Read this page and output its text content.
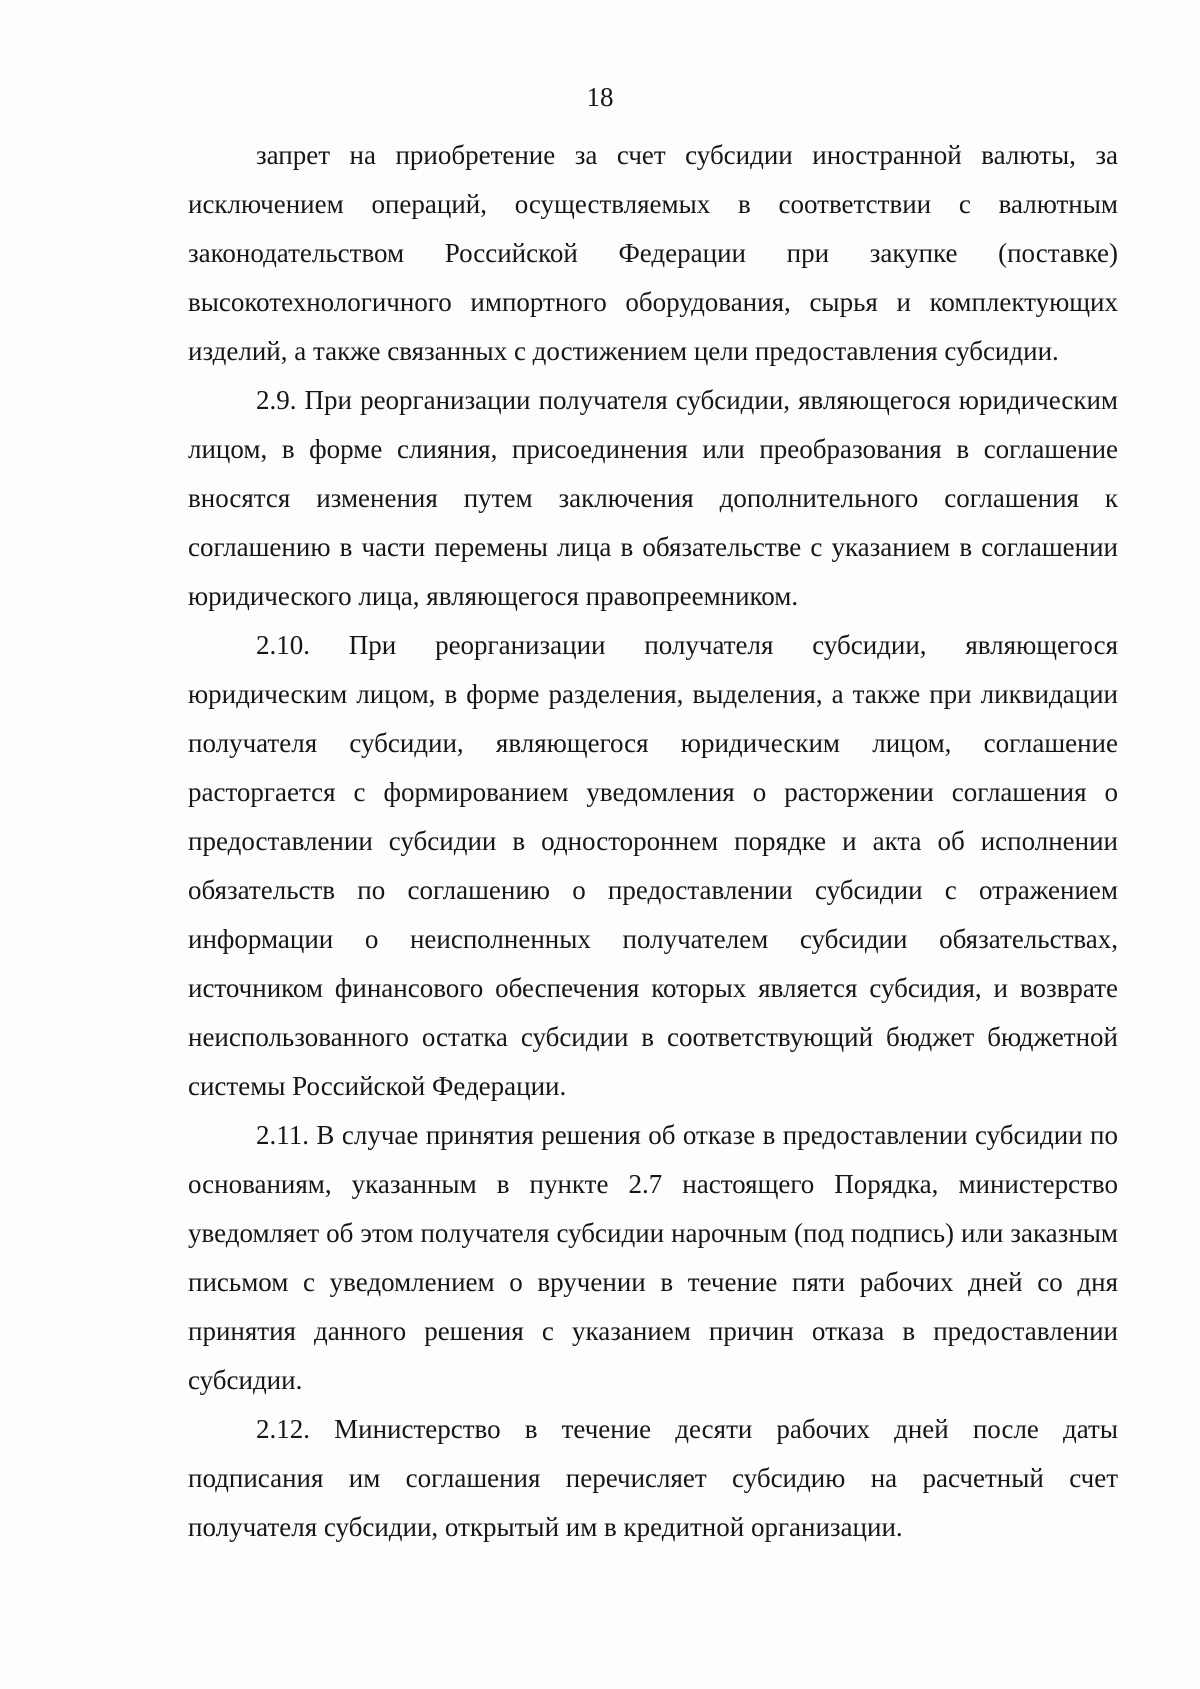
18

запрет на приобретение за счет субсидии иностранной валюты, за исключением операций, осуществляемых в соответствии с валютным законодательством Российской Федерации при закупке (поставке) высокотехнологичного импортного оборудования, сырья и комплектующих изделий, а также связанных с достижением цели предоставления субсидии.

2.9. При реорганизации получателя субсидии, являющегося юридическим лицом, в форме слияния, присоединения или преобразования в соглашение вносятся изменения путем заключения дополнительного соглашения к соглашению в части перемены лица в обязательстве с указанием в соглашении юридического лица, являющегося правопреемником.

2.10. При реорганизации получателя субсидии, являющегося юридическим лицом, в форме разделения, выделения, а также при ликвидации получателя субсидии, являющегося юридическим лицом, соглашение расторгается с формированием уведомления о расторжении соглашения о предоставлении субсидии в одностороннем порядке и акта об исполнении обязательств по соглашению о предоставлении субсидии с отражением информации о неисполненных получателем субсидии обязательствах, источником финансового обеспечения которых является субсидия, и возврате неиспользованного остатка субсидии в соответствующий бюджет бюджетной системы Российской Федерации.

2.11. В случае принятия решения об отказе в предоставлении субсидии по основаниям, указанным в пункте 2.7 настоящего Порядка, министерство уведомляет об этом получателя субсидии нарочным (под подпись) или заказным письмом с уведомлением о вручении в течение пяти рабочих дней со дня принятия данного решения с указанием причин отказа в предоставлении субсидии.

2.12. Министерство в течение десяти рабочих дней после даты подписания им соглашения перечисляет субсидию на расчетный счет получателя субсидии, открытый им в кредитной организации.
